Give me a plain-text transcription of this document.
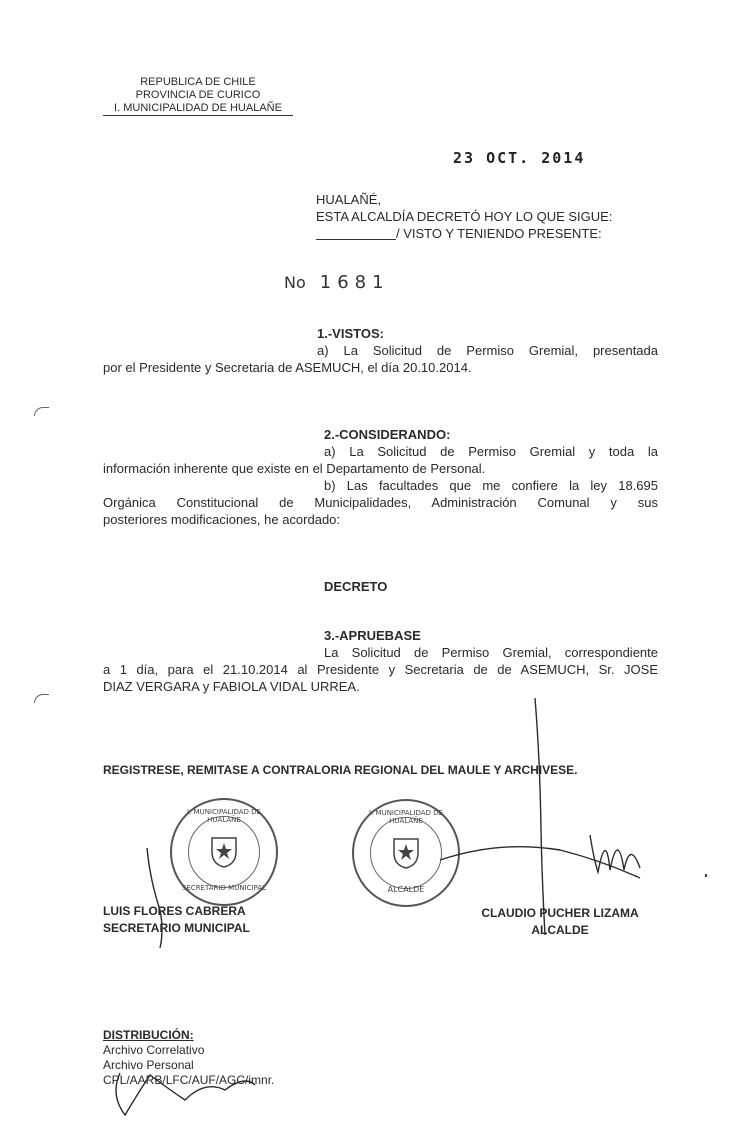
REPUBLICA DE CHILE
PROVINCIA DE CURICO
I. MUNICIPALIDAD DE HUALAÑE
23 OCT. 2014
HUALAÑÉ,
ESTA ALCALDÍA DECRETÓ HOY LO QUE SIGUE:
/ VISTO Y TENIENDO PRESENTE:
No 1681
1.-VISTOS:
a) La Solicitud de Permiso Gremial, presentada
por el Presidente y Secretaria de ASEMUCH, el día 20.10.2014.
2.-CONSIDERANDO:
a) La Solicitud de Permiso Gremial y toda la
información inherente que existe en el Departamento de Personal.
b) Las facultades que me confiere la ley 18.695
Orgánica Constitucional de Municipalidades, Administración Comunal y sus
posteriores modificaciones, he acordado:
DECRETO
3.-APRUEBASE
La Solicitud de Permiso Gremial, correspondiente
a 1 día, para el 21.10.2014 al Presidente y Secretaria de de ASEMUCH, Sr. JOSE
DIAZ VERGARA y FABIOLA VIDAL URREA.
REGISTRESE, REMITASE A CONTRALORIA REGIONAL DEL MAULE Y ARCHIVESE.
I. MUNICIPALIDAD DE HUALAÑE
SECRETARIO MUNICIPAL
I. MUNICIPALIDAD DE HUALAÑE
ALCALDE
LUIS FLORES CABRERA
SECRETARIO MUNICIPAL
CLAUDIO PUCHER LIZAMA
ALCALDE
DISTRIBUCIÓN:
Archivo Correlativo
Archivo Personal
CPL/AARB/LFC/AUF/AGC/imnr.
